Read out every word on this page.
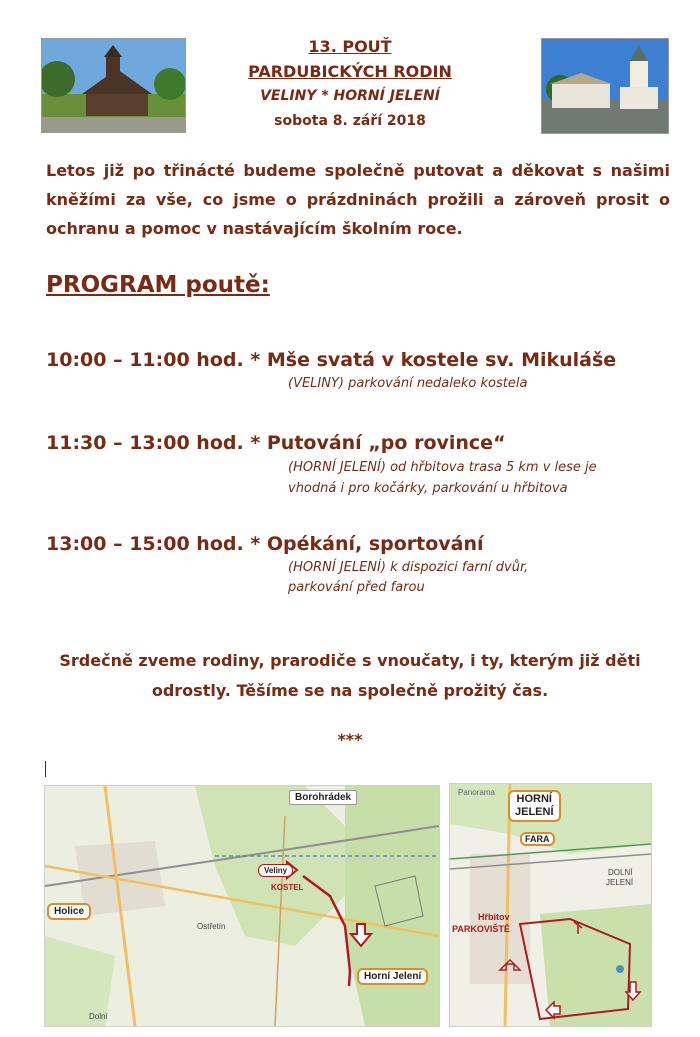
13. POUŤ
PARDUBICKÝCH RODIN
VELINY * HORNÍ JELENÍ
sobota 8. září 2018
Letos již po třinácté budeme společně putovat a děkovat s našimi kněžími za vše, co jsme o prázdninách prožili a zároveň prosit o ochranu a pomoc v nastávajícím školním roce.
PROGRAM poutě:
10:00 – 11:00 hod. * Mše svatá v kostele sv. Mikuláše
(VELINY) parkování nedaleko kostela
11:30 – 13:00 hod. * Putování „po rovince“
(HORNÍ JELENÍ) od hřbitova trasa 5 km v lese je
vhodná i pro kočárky, parkování u hřbitova
13:00 – 15:00 hod. * Opékání, sportování
(HORNÍ JELENÍ) k dispozici farní dvůr,
parkování před farou
Srdečně zveme rodiny, prarodiče s vnoučaty, i ty, kterým již děti
odrostly. Těšíme se na společně prožitý čas.
***
Borohrádek
Holice
Horní Jelení
Veliny
KOSTEL
Ostřetín
Dolní
HORNÍ
JELENÍ
Panorama
FARA
DOLNÍ
JELENÍ
Hřbitov
PARKOVIŠTĚ
